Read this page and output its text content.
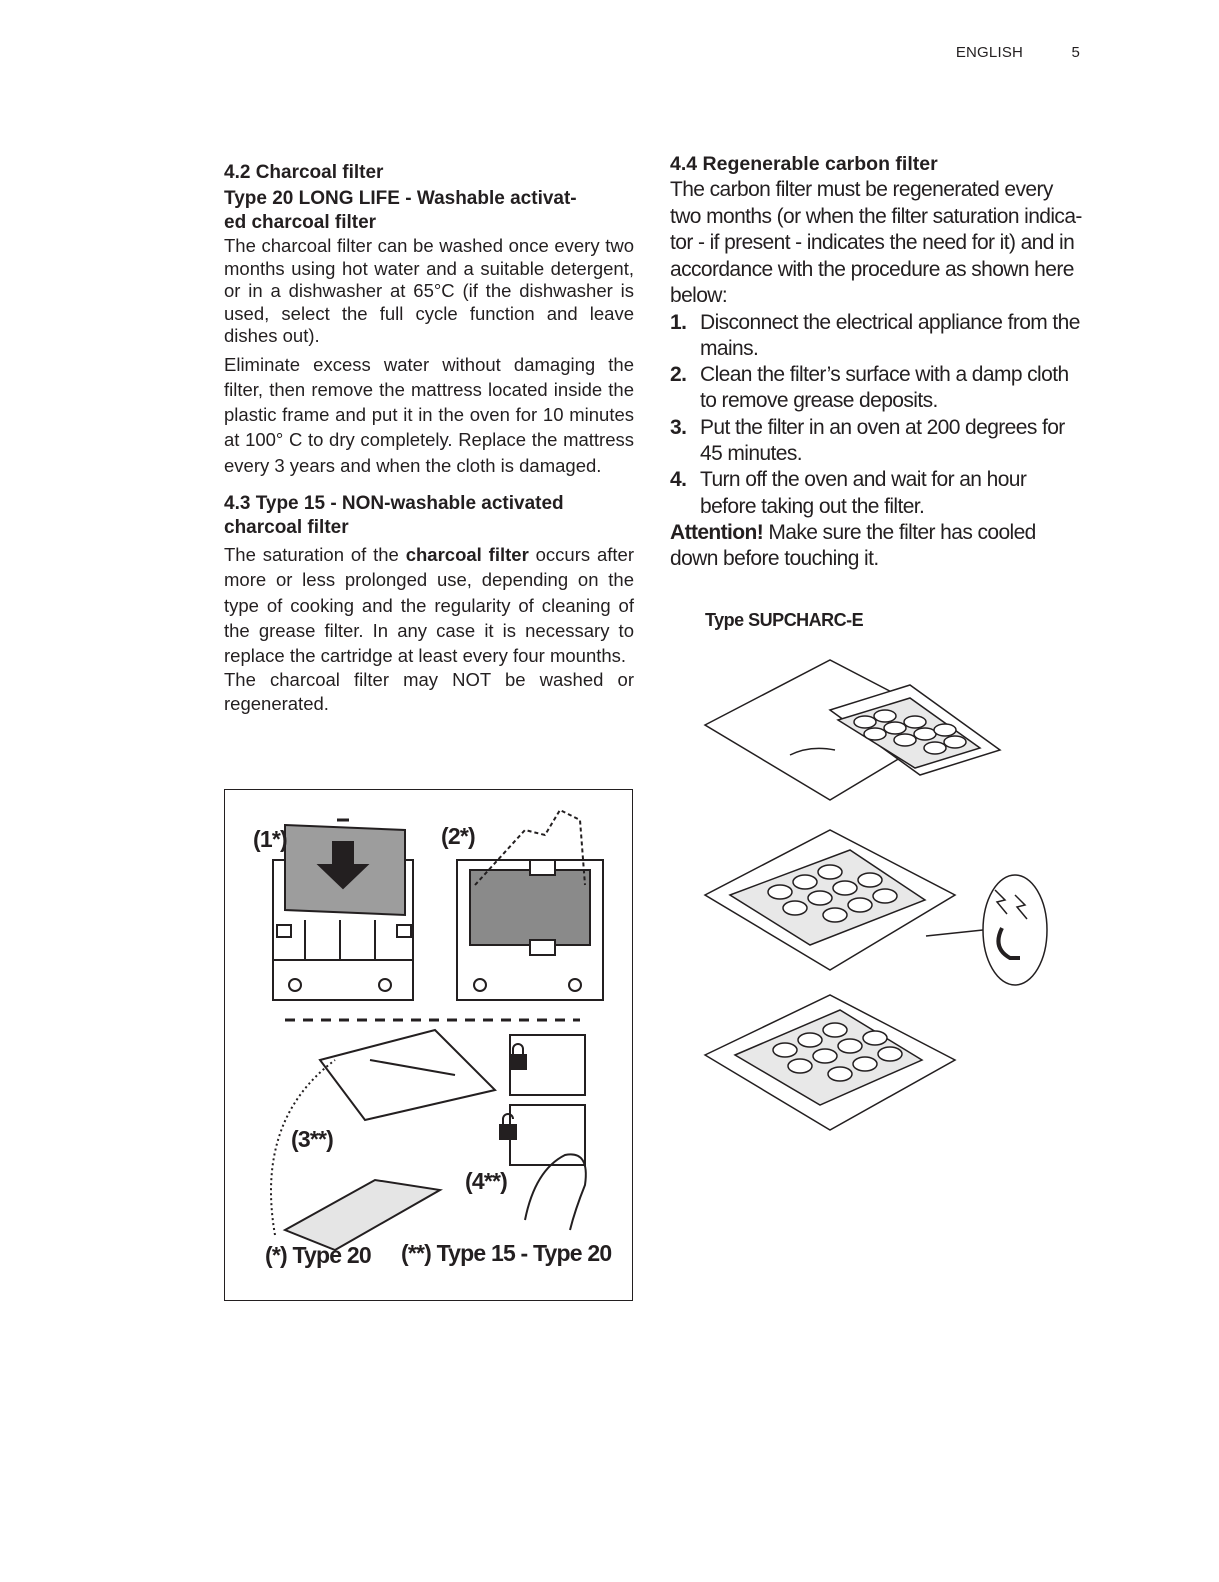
ENGLISH	5
4.2 Charcoal filter
Type 20 LONG LIFE - Washable activat-
ed charcoal filter

The charcoal filter can be washed once every two months using hot water and a suitable detergent, or in a dishwasher at 65°C (if the dishwasher is used, select the full cycle function and leave dishes out).

Eliminate excess water without damaging the filter, then remove the mattress located inside the plastic frame and put it in the oven for 10 minutes at 100° C to dry completely. Replace the mattress every 3 years and when the cloth is damaged.

4.3 Type 15 - NON-washable activated
charcoal filter

The saturation of the charcoal filter occurs after more or less prolonged use, depending on the type of cooking and the regularity of cleaning of the grease filter. In any case it is necessary to replace the cartridge at least every four mounths.

The charcoal filter may NOT be washed or regenerated.

(1*)	(2*)
(3**)
(4**)
(*) Type 20 (**) Type 15 - Type 20
4.4 Regenerable carbon filter

The carbon filter must be regenerated every two months (or when the filter saturation indica-tor - if present - indicates the need for it) and in accordance with the procedure as shown here below:

1. Disconnect the electrical appliance from the mains.
2. Clean the filter’s surface with a damp cloth to remove grease deposits.
3. Put the filter in an oven at 200 degrees for 45 minutes.
4. Turn off the oven and wait for an hour before taking out the filter.

Attention! Make sure the filter has cooled down before touching it.

Type SUPCHARC-E
